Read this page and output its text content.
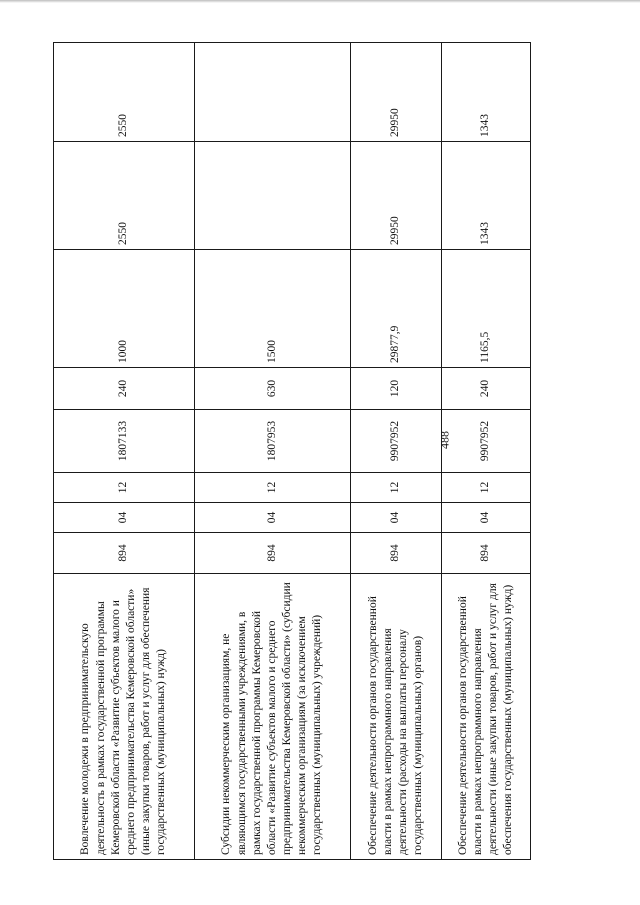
488
Вовлечение молодежи в предпринимательскую деятельность в рамках государственной программы Кемеровской области «Развитие субъектов малого и среднего предпринимательства Кемеровской области» (иные закупки товаров, работ и услуг для обеспечения государственных (муниципальных) нужд)	894	04	12	1807133	240	1000	2550	2550
Субсидии некоммерческим организациям, не являющимся государственными учреждениями, в рамках государственной программы Кемеровской области «Развитие субъектов малого и среднего предпринимательства Кемеровской области» (субсидии некоммерческим организациям (за исключением государственных (муниципальных) учреждений)	894	04	12	1807953	630	1500		
Обеспечение деятельности органов государственной власти в рамках непрограммного направления деятельности (расходы на выплаты персоналу государственных (муниципальных) органов)	894	04	12	9907952	120	29877,9	29950	29950
Обеспечение деятельности органов государственной власти в рамках непрограммного направления деятельности (иные закупки товаров, работ и услуг для обеспечения государственных (муниципальных) нужд)	894	04	12	9907952	240	1165,5	1343	1343
